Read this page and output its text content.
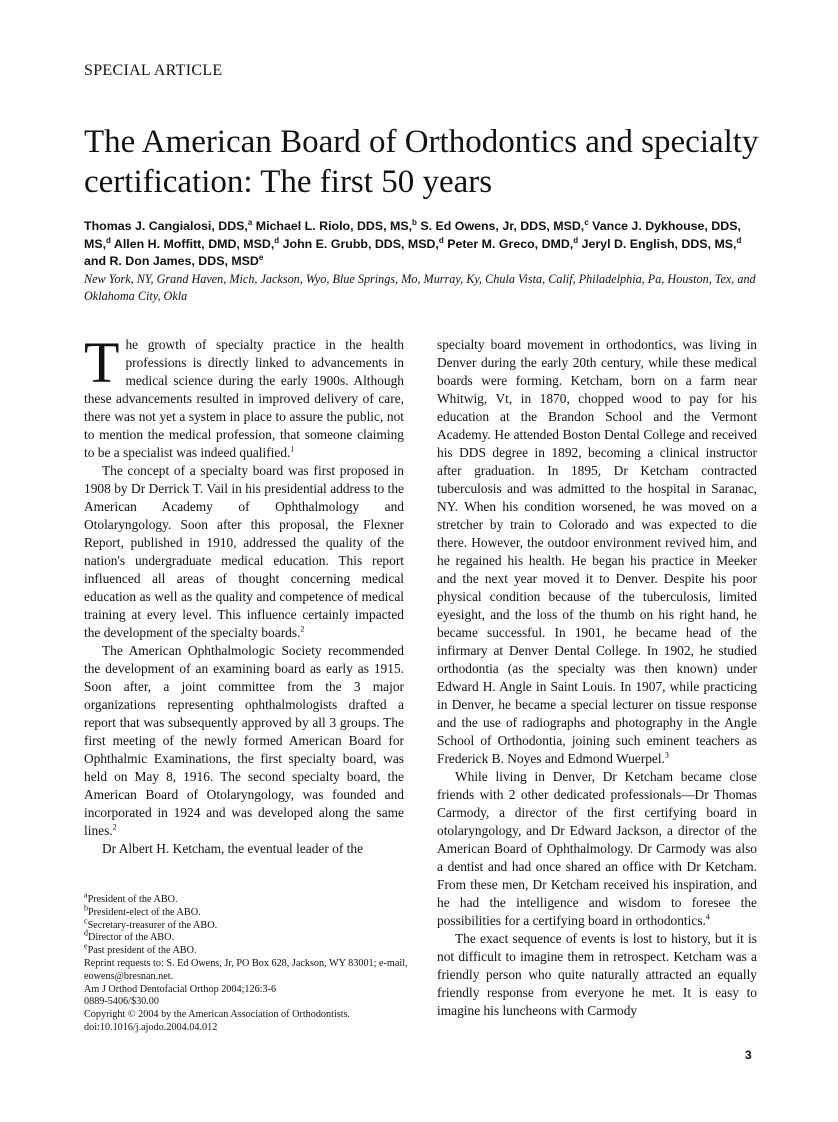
SPECIAL ARTICLE
The American Board of Orthodontics and specialty certification: The first 50 years
Thomas J. Cangialosi, DDS,$^a$ Michael L. Riolo, DDS, MS,$^b$ S. Ed Owens, Jr, DDS, MSD,$^c$ Vance J. Dykhouse, DDS, MS,$^d$ Allen H. Moffitt, DMD, MSD,$^d$ John E. Grubb, DDS, MSD,$^d$ Peter M. Greco, DMD,$^d$ Jeryl D. English, DDS, MS,$^d$ and R. Don James, DDS, MSD$^e$
New York, NY, Grand Haven, Mich, Jackson, Wyo, Blue Springs, Mo, Murray, Ky, Chula Vista, Calif, Philadelphia, Pa, Houston, Tex, and Oklahoma City, Okla

The growth of specialty practice in the health professions is directly linked to advancements in medical science during the early 1900s. Although these advancements resulted in improved delivery of care, there was not yet a system in place to assure the public, not to mention the medical profession, that someone claiming to be a specialist was indeed qualified.$^1$

The concept of a specialty board was first proposed in 1908 by Dr Derrick T. Vail in his presidential address to the American Academy of Ophthalmology and Otolaryngology. Soon after this proposal, the Flexner Report, published in 1910, addressed the quality of the nation's undergraduate medical education. This report influenced all areas of thought concerning medical education as well as the quality and competence of medical training at every level. This influence certainly impacted the development of the specialty boards.$^2$

The American Ophthalmologic Society recommended the development of an examining board as early as 1915. Soon after, a joint committee from the 3 major organizations representing ophthalmologists drafted a report that was subsequently approved by all 3 groups. The first meeting of the newly formed American Board for Ophthalmic Examinations, the first specialty board, was held on May 8, 1916. The second specialty board, the American Board of Otolaryngology, was founded and incorporated in 1924 and was developed along the same lines.$^2$

Dr Albert H. Ketcham, the eventual leader of the

specialty board movement in orthodontics, was living in Denver during the early 20th century, while these medical boards were forming. Ketcham, born on a farm near Whitwig, Vt, in 1870, chopped wood to pay for his education at the Brandon School and the Vermont Academy. He attended Boston Dental College and received his DDS degree in 1892, becoming a clinical instructor after graduation. In 1895, Dr Ketcham contracted tuberculosis and was admitted to the hospital in Saranac, NY. When his condition worsened, he was moved on a stretcher by train to Colorado and was expected to die there. However, the outdoor environment revived him, and he regained his health. He began his practice in Meeker and the next year moved it to Denver. Despite his poor physical condition because of the tuberculosis, limited eyesight, and the loss of the thumb on his right hand, he became successful. In 1901, he became head of the infirmary at Denver Dental College. In 1902, he studied orthodontia (as the specialty was then known) under Edward H. Angle in Saint Louis. In 1907, while practicing in Denver, he became a special lecturer on tissue response and the use of radiographs and photography in the Angle School of Orthodontia, joining such eminent teachers as Frederick B. Noyes and Edmond Wuerpel.$^3$

While living in Denver, Dr Ketcham became close friends with 2 other dedicated professionals—Dr Thomas Carmody, a director of the first certifying board in otolaryngology, and Dr Edward Jackson, a director of the American Board of Ophthalmology. Dr Carmody was also a dentist and had once shared an office with Dr Ketcham. From these men, Dr Ketcham received his inspiration, and he had the intelligence and wisdom to foresee the possibilities for a certifying board in orthodontics.$^4$

The exact sequence of events is lost to history, but it is not difficult to imagine them in retrospect. Ketcham was a friendly person who quite naturally attracted an equally friendly response from everyone he met. It is easy to imagine his luncheons with Carmody

$^a$President of the ABO.
$^b$President-elect of the ABO.
$^c$Secretary-treasurer of the ABO.
$^d$Director of the ABO.
$^e$Past president of the ABO.
Reprint requests to: S. Ed Owens, Jr, PO Box 628, Jackson, WY 83001; e-mail, eowens@bresnan.net.
Am J Orthod Dentofacial Orthop 2004;126:3-6
0889-5406/$30.00
Copyright © 2004 by the American Association of Orthodontists.
doi:10.1016/j.ajodo.2004.04.012
3
